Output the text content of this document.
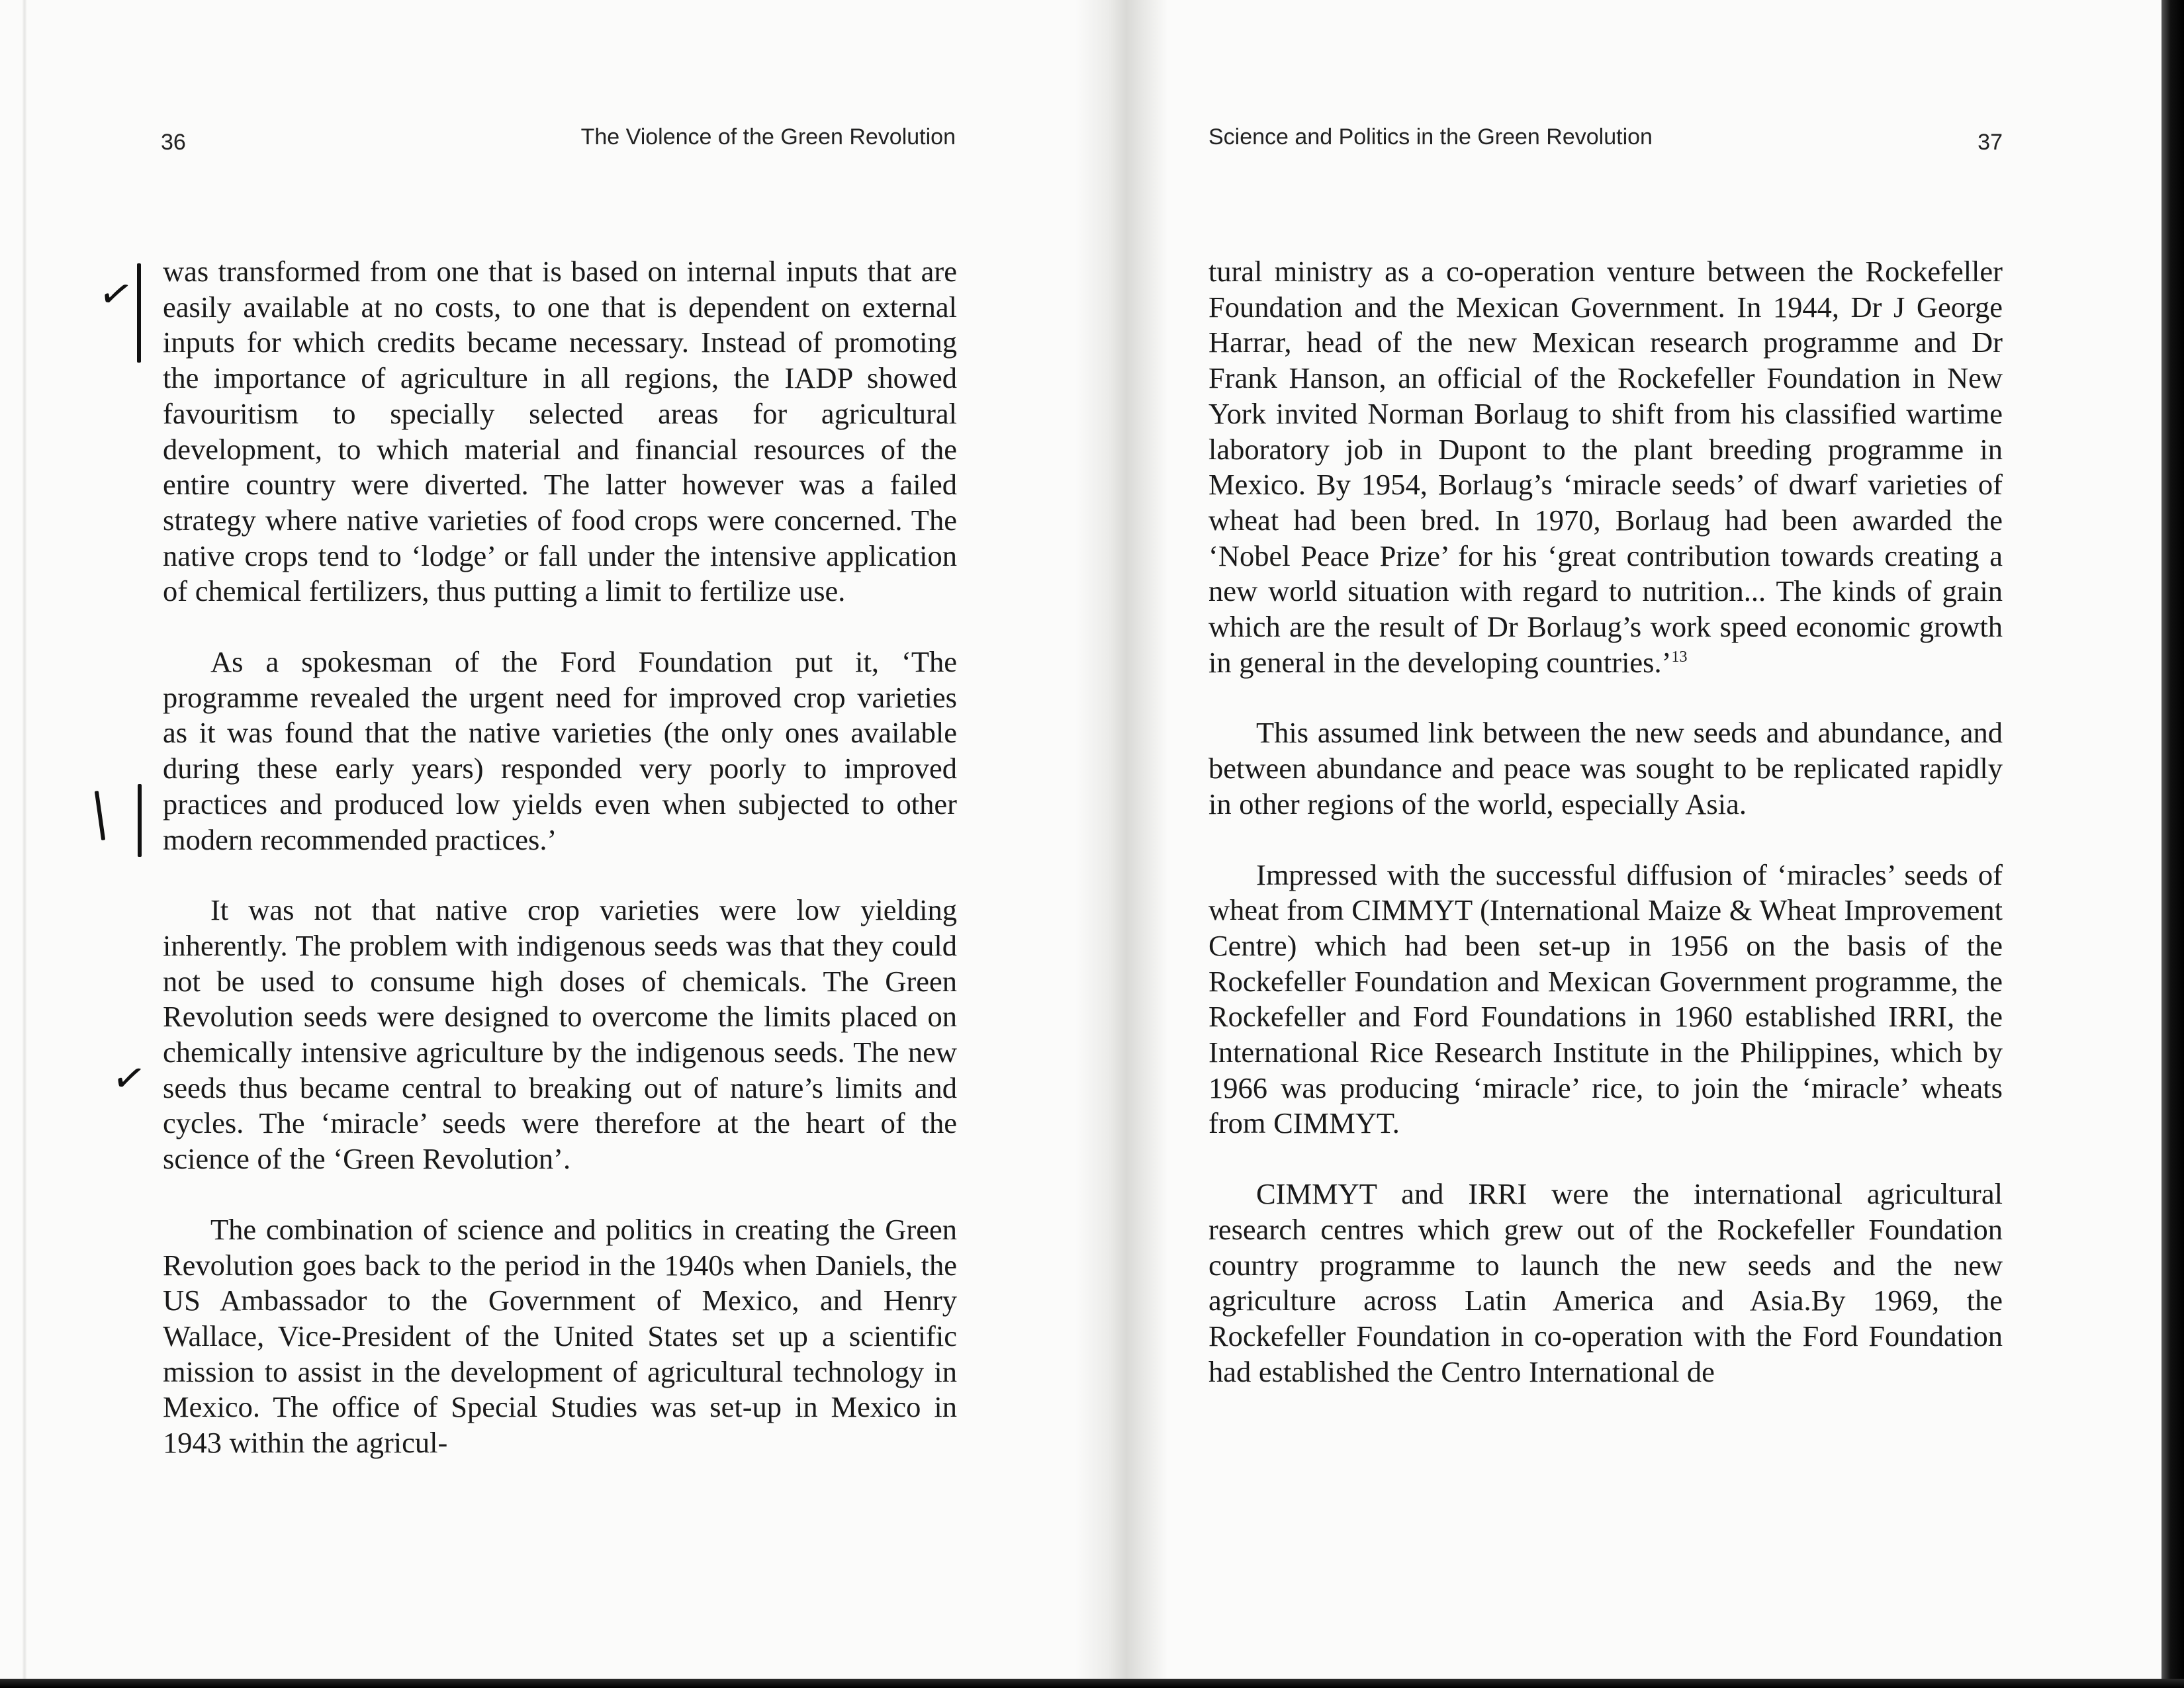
36	The Violence of the Green Revolution

was transformed from one that is based on internal inputs that are easily available at no costs, to one that is dependent on external inputs for which credits became necessary. Instead of promoting the importance of agriculture in all regions, the IADP showed favouritism to specially selected areas for agricultural development, to which material and financial resources of the entire country were diverted. The latter however was a failed strategy where native varieties of food crops were concerned. The native crops tend to ‘lodge’ or fall under the intensive application of chemical fertilizers, thus putting a limit to fertilize use.

As a spokesman of the Ford Foundation put it, ‘The programme revealed the urgent need for improved crop varieties as it was found that the native varieties (the only ones available during these early years) responded very poorly to improved practices and produced low yields even when subjected to other modern recommended practices.’

It was not that native crop varieties were low yielding inherently. The problem with indigenous seeds was that they could not be used to consume high doses of chemicals. The Green Revolution seeds were designed to overcome the limits placed on chemically intensive agriculture by the indigenous seeds. The new seeds thus became central to breaking out of nature’s limits and cycles. The ‘miracle’ seeds were therefore at the heart of the science of the ‘Green Revolution’.

The combination of science and politics in creating the Green Revolution goes back to the period in the 1940s when Daniels, the US Ambassador to the Government of Mexico, and Henry Wallace, Vice-President of the United States set up a scientific mission to assist in the development of agricultural technology in Mexico. The office of Special Studies was set-up in Mexico in 1943 within the agricul-

✓
✓
Science and Politics in the Green Revolution	37

tural ministry as a co-operation venture between the Rockefeller Foundation and the Mexican Government. In 1944, Dr J George Harrar, head of the new Mexican research programme and Dr Frank Hanson, an official of the Rockefeller Foundation in New York invited Norman Borlaug to shift from his classified wartime laboratory job in Dupont to the plant breeding programme in Mexico. By 1954, Borlaug’s ‘miracle seeds’ of dwarf varieties of wheat had been bred. In 1970, Borlaug had been awarded the ‘Nobel Peace Prize’ for his ‘great contribution towards creating a new world situation with regard to nutrition... The kinds of grain which are the result of Dr Borlaug’s work speed economic growth in general in the developing countries.’$^{13}$

This assumed link between the new seeds and abundance, and between abundance and peace was sought to be replicated rapidly in other regions of the world, especially Asia.

Impressed with the successful diffusion of ‘miracles’ seeds of wheat from CIMMYT (International Maize & Wheat Improvement Centre) which had been set-up in 1956 on the basis of the Rockefeller Foundation and Mexican Government programme, the Rockefeller and Ford Foundations in 1960 established IRRI, the International Rice Research Institute in the Philippines, which by 1966 was producing ‘miracle’ rice, to join the ‘miracle’ wheats from CIMMYT.

CIMMYT and IRRI were the international agricultural research centres which grew out of the Rockefeller Foundation country programme to launch the new seeds and the new agriculture across Latin America and Asia.By 1969, the Rockefeller Foundation in co-operation with the Ford Foundation had established the Centro International de
